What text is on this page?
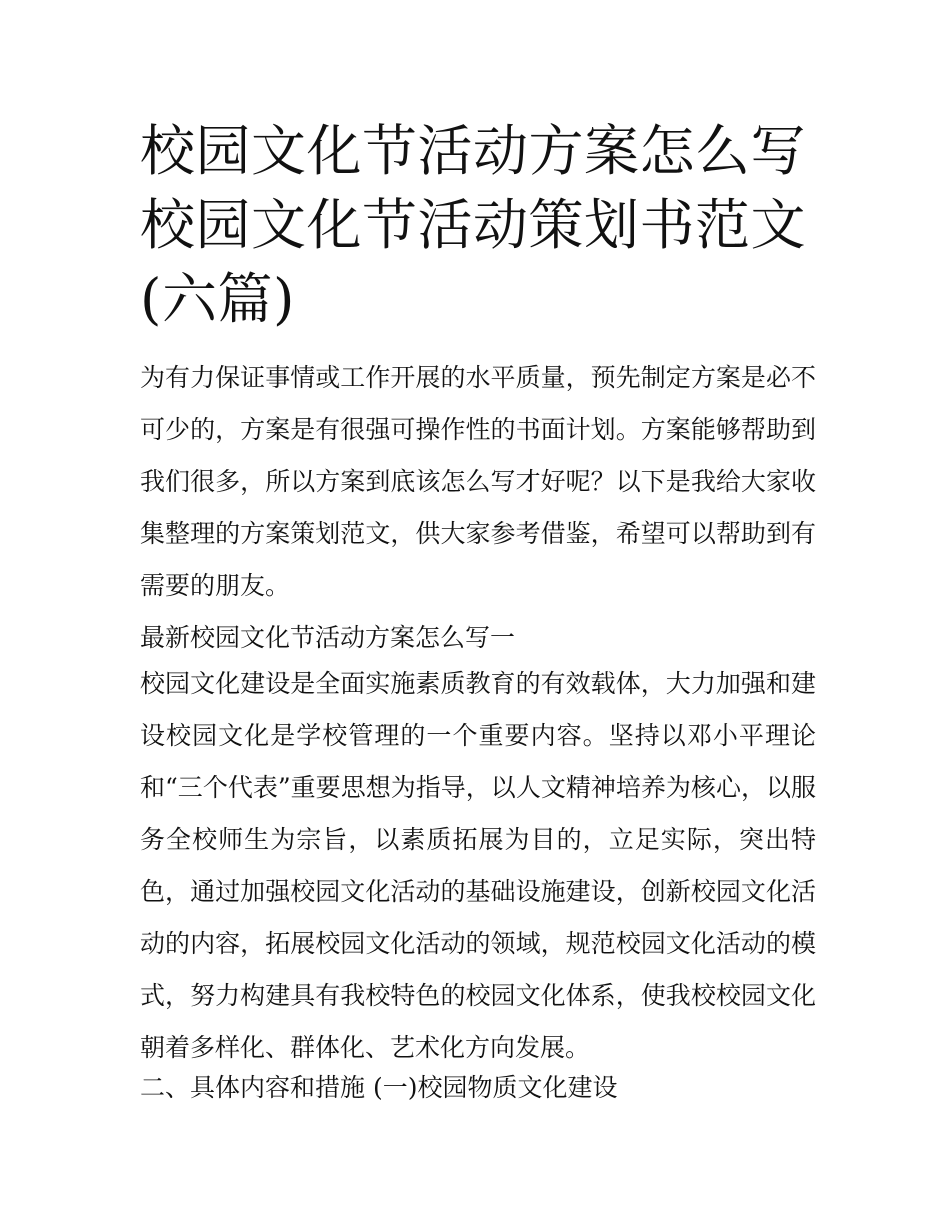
校园文化节活动方案怎么写 校园文化节活动策划书范文(六篇)

为有力保证事情或工作开展的水平质量，预先制定方案是必不可少的，方案是有很强可操作性的书面计划。方案能够帮助到我们很多，所以方案到底该怎么写才好呢？以下是我给大家收集整理的方案策划范文，供大家参考借鉴，希望可以帮助到有需要的朋友。

最新校园文化节活动方案怎么写一

校园文化建设是全面实施素质教育的有效载体，大力加强和建设校园文化是学校管理的一个重要内容。坚持以邓小平理论和“三个代表”重要思想为指导，以人文精神培养为核心，以服务全校师生为宗旨，以素质拓展为目的，立足实际，突出特色，通过加强校园文化活动的基础设施建设，创新校园文化活动的内容，拓展校园文化活动的领域，规范校园文化活动的模式，努力构建具有我校特色的校园文化体系，使我校校园文化朝着多样化、群体化、艺术化方向发展。

二、具体内容和措施 (一)校园物质文化建设
